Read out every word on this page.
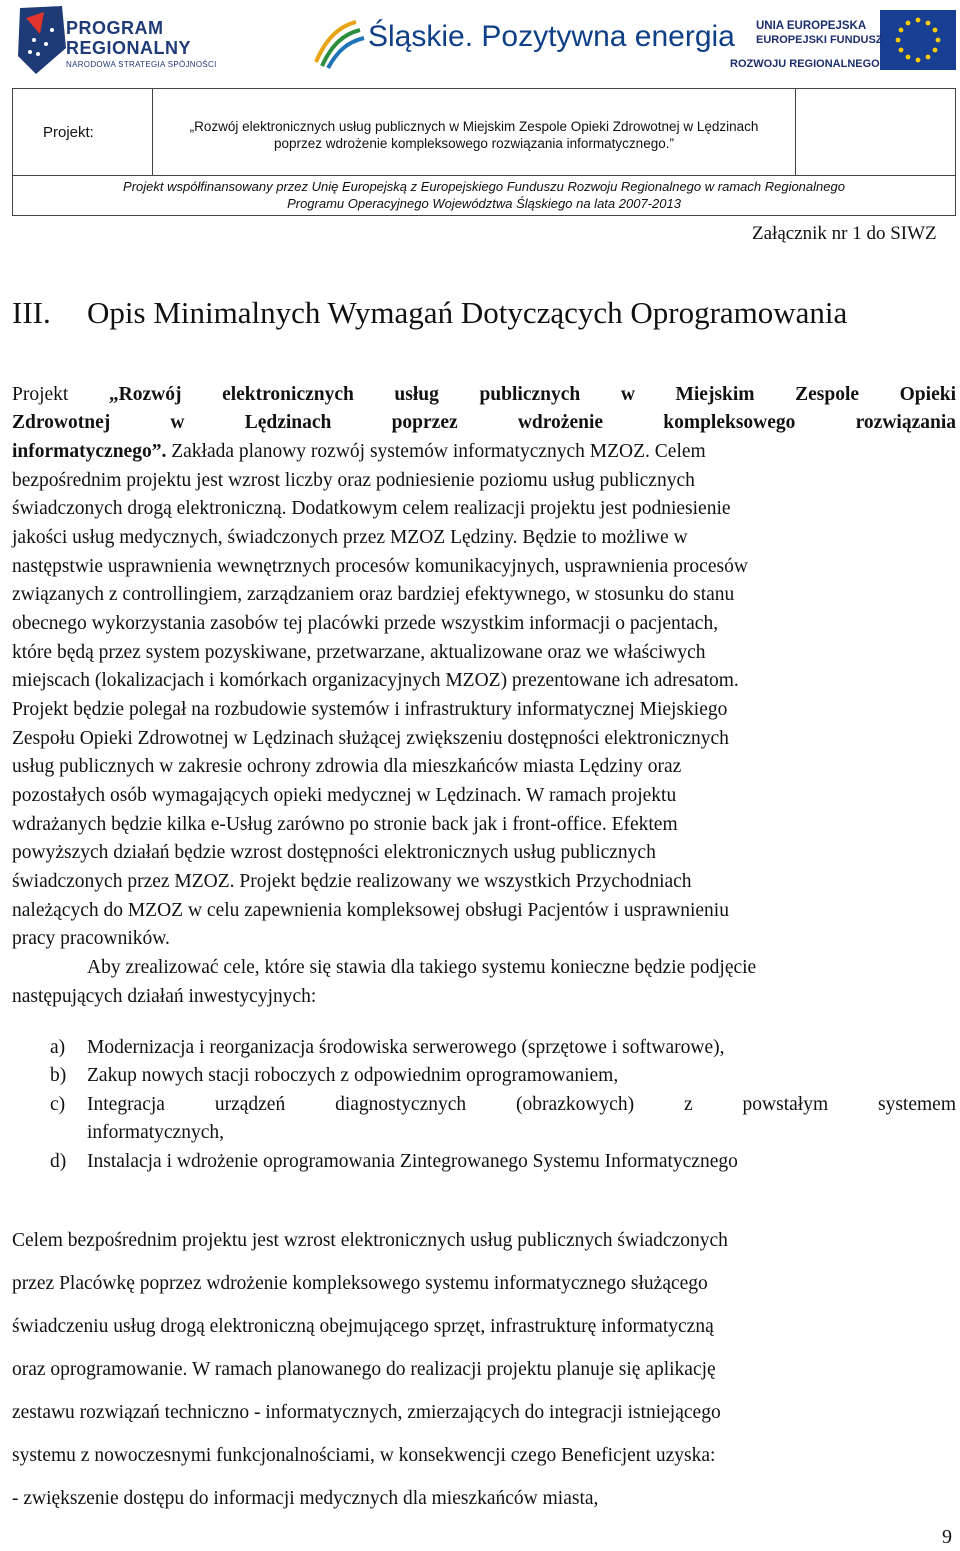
PROGRAM
REGIONALNY
NARODOWA STRATEGIA SPÓJNOŚCI
Śląskie. Pozytywna energia UNIA EUROPEJSKA
EUROPEJSKI FUNDUSZ
ROZWOJU REGIONALNEGO
Projekt:	„Rozwój elektronicznych usług publicznych w Miejskim Zespole Opieki Zdrowotnej w Lędzinach
poprzez wdrożenie kompleksowego rozwiązania informatycznego.”
Projekt współfinansowany przez Unię Europejską z Europejskiego Funduszu Rozwoju Regionalnego w ramach Regionalnego
Programu Operacyjnego Województwa Śląskiego na lata 2007-2013
Załącznik nr 1 do SIWZ
III. Opis Minimalnych Wymagań Dotyczących Oprogramowania
Projekt „Rozwój elektronicznych usług publicznych w Miejskim Zespole Opieki
Zdrowotnej w Lędzinach poprzez wdrożenie kompleksowego rozwiązania
informatycznego”. Zakłada planowy rozwój systemów informatycznych MZOZ. Celem
bezpośrednim projektu jest wzrost liczby oraz podniesienie poziomu usług publicznych
świadczonych drogą elektroniczną. Dodatkowym celem realizacji projektu jest podniesienie
jakości usług medycznych, świadczonych przez MZOZ Lędziny. Będzie to możliwe w
następstwie usprawnienia wewnętrznych procesów komunikacyjnych, usprawnienia procesów
związanych z controllingiem, zarządzaniem oraz bardziej efektywnego, w stosunku do stanu
obecnego wykorzystania zasobów tej placówki przede wszystkim informacji o pacjentach,
które będą przez system pozyskiwane, przetwarzane, aktualizowane oraz we właściwych
miejscach (lokalizacjach i komórkach organizacyjnych MZOZ) prezentowane ich adresatom.
Projekt będzie polegał na rozbudowie systemów i infrastruktury informatycznej Miejskiego
Zespołu Opieki Zdrowotnej w Lędzinach służącej zwiększeniu dostępności elektronicznych
usług publicznych w zakresie ochrony zdrowia dla mieszkańców miasta Lędziny oraz
pozostałych osób wymagających opieki medycznej w Lędzinach. W ramach projektu
wdrażanych będzie kilka e-Usług zarówno po stronie back jak i front-office. Efektem
powyższych działań będzie wzrost dostępności elektronicznych usług publicznych
świadczonych przez MZOZ. Projekt będzie realizowany we wszystkich Przychodniach
należących do MZOZ w celu zapewnienia kompleksowej obsługi Pacjentów i usprawnieniu
pracy pracowników.
Aby zrealizować cele, które się stawia dla takiego systemu konieczne będzie podjęcie
następujących działań inwestycyjnych:
a) Modernizacja i reorganizacja środowiska serwerowego (sprzętowe i softwarowe),
b) Zakup nowych stacji roboczych z odpowiednim oprogramowaniem,
c) Integracja urządzeń diagnostycznych (obrazkowych) z powstałym systemem
informatycznych,
d) Instalacja i wdrożenie oprogramowania Zintegrowanego Systemu Informatycznego
Celem bezpośrednim projektu jest wzrost elektronicznych usług publicznych świadczonych
przez Placówkę poprzez wdrożenie kompleksowego systemu informatycznego służącego
świadczeniu usług drogą elektroniczną obejmującego sprzęt, infrastrukturę informatyczną
oraz oprogramowanie. W ramach planowanego do realizacji projektu planuje się aplikację
zestawu rozwiązań techniczno - informatycznych, zmierzających do integracji istniejącego
systemu z nowoczesnymi funkcjonalnościami, w konsekwencji czego Beneficjent uzyska:
- zwiększenie dostępu do informacji medycznych dla mieszkańców miasta,
9
